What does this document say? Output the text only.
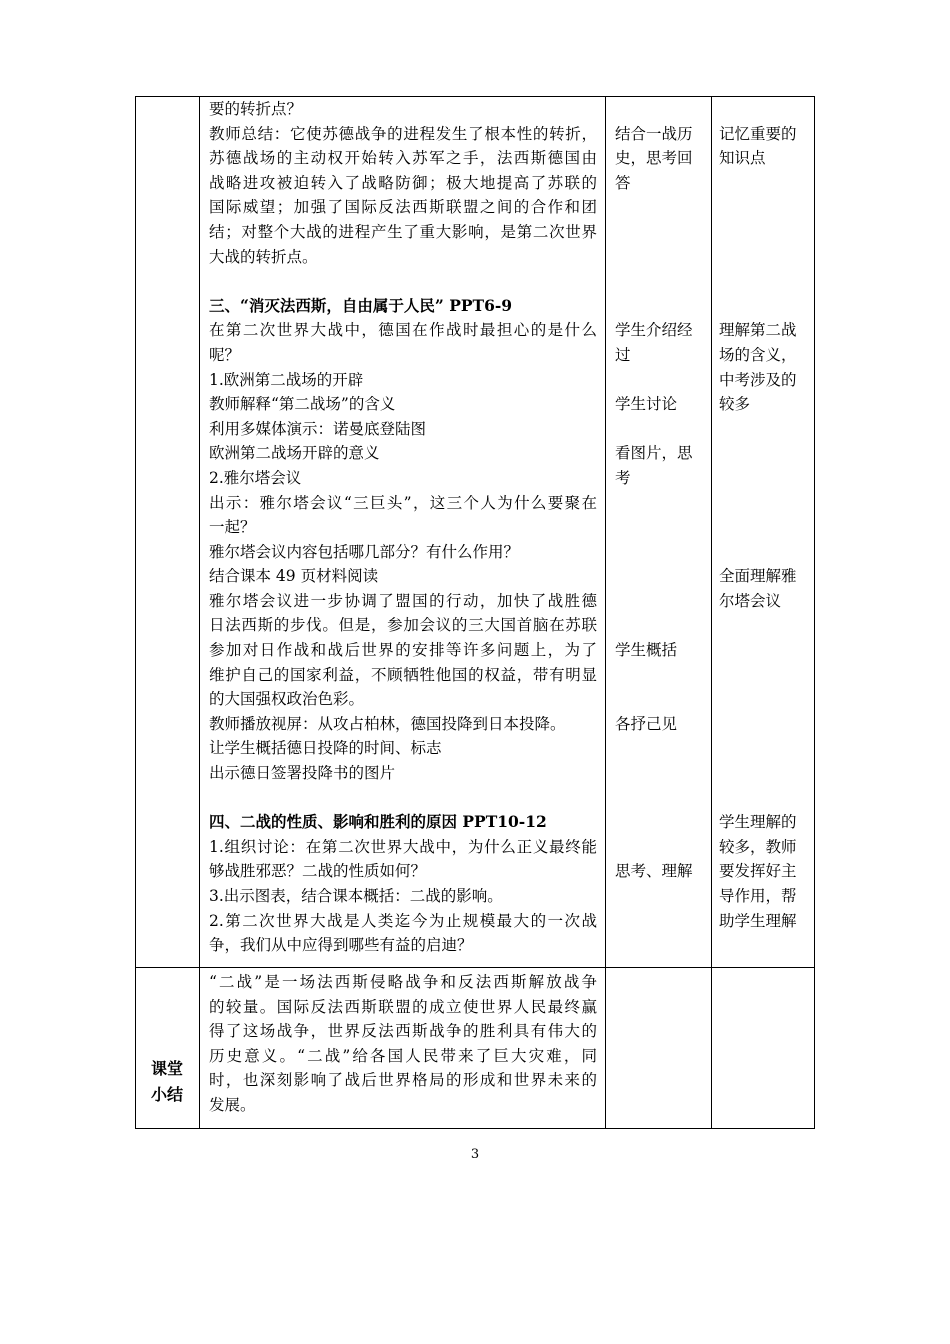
要的转折点？
教师总结：它使苏德战争的进程发生了根本性的转折，
苏德战场的主动权开始转入苏军之手，法西斯德国由
战略进攻被迫转入了战略防御；极大地提高了苏联的
国际威望；加强了国际反法西斯联盟之间的合作和团
结；对整个大战的进程产生了重大影响，是第二次世界
大战的转折点。
三、“消灭法西斯，自由属于人民” PPT6-9
在第二次世界大战中，德国在作战时最担心的是什么
呢？
1.欧洲第二战场的开辟
教师解释“第二战场”的含义
利用多媒体演示：诺曼底登陆图
欧洲第二战场开辟的意义
2.雅尔塔会议
出示：雅尔塔会议“三巨头”，这三个人为什么要聚在
一起？
雅尔塔会议内容包括哪几部分？有什么作用？
结合课本 49 页材料阅读
雅尔塔会议进一步协调了盟国的行动，加快了战胜德
日法西斯的步伐。但是，参加会议的三大国首脑在苏联
参加对日作战和战后世界的安排等许多问题上，为了
维护自己的国家利益，不顾牺牲他国的权益，带有明显
的大国强权政治色彩。
教师播放视屏：从攻占柏林，德国投降到日本投降。
让学生概括德日投降的时间、标志
出示德日签署投降书的图片
四、二战的性质、影响和胜利的原因 PPT10-12
1.组织讨论：在第二次世界大战中，为什么正义最终能
够战胜邪恶？二战的性质如何？
3.出示图表，结合课本概括：二战的影响。
2.第二次世界大战是人类迄今为止规模最大的一次战
争，我们从中应得到哪些有益的启迪？
结合一战历
史，思考回
答
学生介绍经
过
学生讨论
看图片，思
考
学生概括
各抒己见
思考、理解
记忆重要的
知识点
理解第二战
场的含义，
中考涉及的
较多
全面理解雅
尔塔会议
学生理解的
较多，教师
要发挥好主
导作用，帮
助学生理解
课堂
小结
“二战”是一场法西斯侵略战争和反法西斯解放战争
的较量。国际反法西斯联盟的成立使世界人民最终赢
得了这场战争，世界反法西斯战争的胜利具有伟大的
历史意义。“二战”给各国人民带来了巨大灾难，同
时，也深刻影响了战后世界格局的形成和世界未来的
发展。
3
